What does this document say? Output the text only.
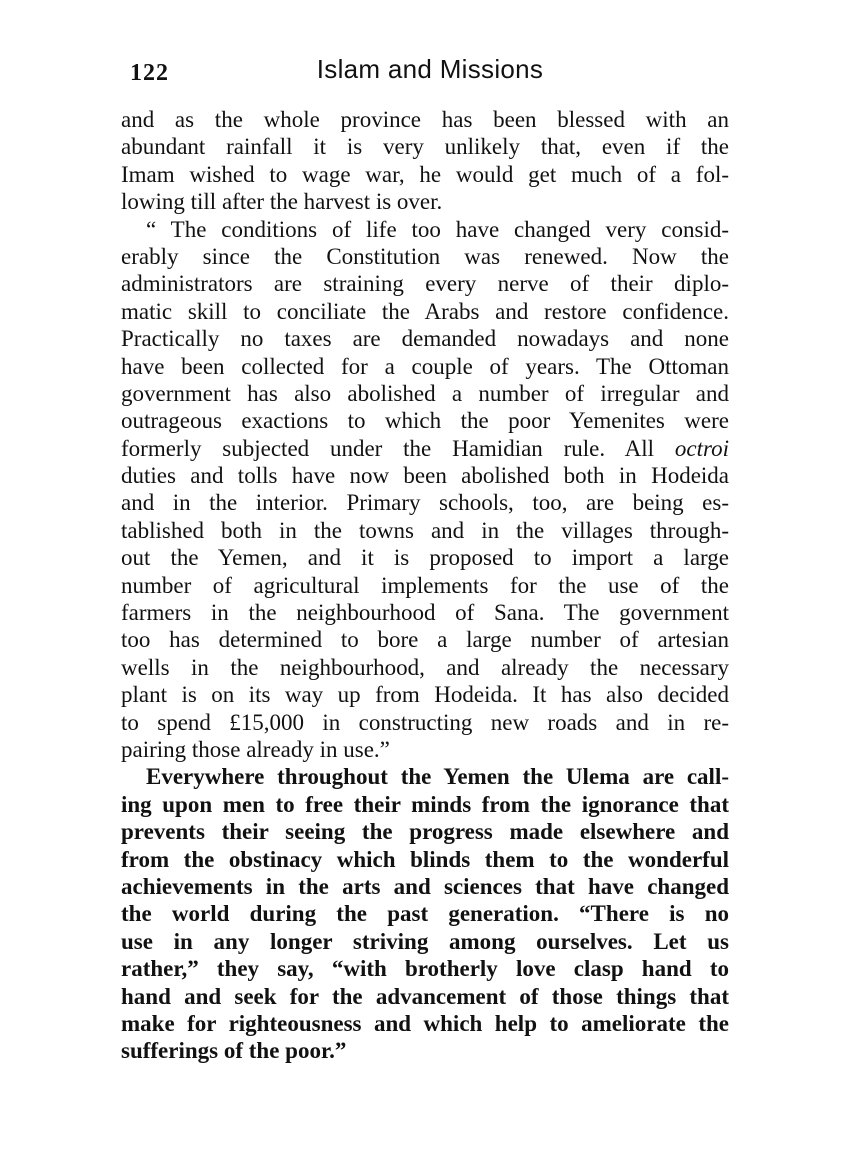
122	Islam and Missions
and as the whole province has been blessed with an
abundant rainfall it is very unlikely that, even if the
Imam wished to wage war, he would get much of a fol-
lowing till after the harvest is over.
“ The conditions of life too have changed very consid-
erably since the Constitution was renewed. Now the
administrators are straining every nerve of their diplo-
matic skill to conciliate the Arabs and restore confidence.
Practically no taxes are demanded nowadays and none
have been collected for a couple of years. The Ottoman
government has also abolished a number of irregular and
outrageous exactions to which the poor Yemenites were
formerly subjected under the Hamidian rule. All octroi
duties and tolls have now been abolished both in Hodeida
and in the interior. Primary schools, too, are being es-
tablished both in the towns and in the villages through-
out the Yemen, and it is proposed to import a large
number of agricultural implements for the use of the
farmers in the neighbourhood of Sana. The government
too has determined to bore a large number of artesian
wells in the neighbourhood, and already the necessary
plant is on its way up from Hodeida. It has also decided
to spend £15,000 in constructing new roads and in re-
pairing those already in use.”
Everywhere throughout the Yemen the Ulema are call-
ing upon men to free their minds from the ignorance that
prevents their seeing the progress made elsewhere and
from the obstinacy which blinds them to the wonderful
achievements in the arts and sciences that have changed
the world during the past generation. “There is no
use in any longer striving among ourselves. Let us
rather,” they say, “with brotherly love clasp hand to
hand and seek for the advancement of those things that
make for righteousness and which help to ameliorate the
sufferings of the poor.”
